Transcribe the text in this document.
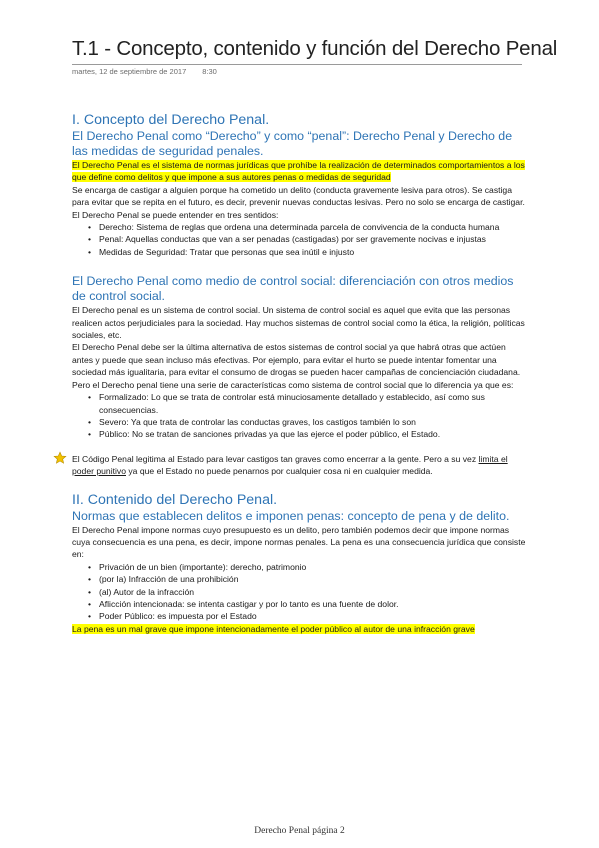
T.1 - Concepto, contenido y función del Derecho Penal
martes, 12 de septiembre de 2017 8:30
I. Concepto del Derecho Penal.
El Derecho Penal como “Derecho” y como “penal”: Derecho Penal y Derecho de las medidas de seguridad penales.

El Derecho Penal es el sistema de normas jurídicas que prohíbe la realización de determinados comportamientos a los que define como delitos y que impone a sus autores penas o medidas de seguridad

Se encarga de castigar a alguien porque ha cometido un delito (conducta gravemente lesiva para otros). Se castiga para evitar que se repita en el futuro, es decir, prevenir nuevas conductas lesivas. Pero no solo se encarga de castigar.

El Derecho Penal se puede entender en tres sentidos:

• Derecho: Sistema de reglas que ordena una determinada parcela de convivencia de la conducta humana
• Penal: Aquellas conductas que van a ser penadas (castigadas) por ser gravemente nocivas e injustas
• Medidas de Seguridad: Tratar que personas que sea inútil e injusto
El Derecho Penal como medio de control social: diferenciación con otros medios de control social.

El Derecho penal es un sistema de control social. Un sistema de control social es aquel que evita que las personas realicen actos perjudiciales para la sociedad. Hay muchos sistemas de control social como la ética, la religión, políticas sociales, etc.

El Derecho Penal debe ser la última alternativa de estos sistemas de control social ya que habrá otras que actúen antes y puede que sean incluso más efectivas. Por ejemplo, para evitar el hurto se puede intentar fomentar una sociedad más igualitaria, para evitar el consumo de drogas se pueden hacer campañas de concienciación ciudadana.

Pero el Derecho penal tiene una serie de características como sistema de control social que lo diferencia ya que es:

• Formalizado: Lo que se trata de controlar está minuciosamente detallado y establecido, así como sus consecuencias.
• Severo: Ya que trata de controlar las conductas graves, los castigos también lo son
• Público: No se tratan de sanciones privadas ya que las ejerce el poder público, el Estado.

El Código Penal legitima al Estado para levar castigos tan graves como encerrar a la gente. Pero a su vez limita el poder punitivo ya que el Estado no puede penarnos por cualquier cosa ni en cualquier medida.

II. Contenido del Derecho Penal.
Normas que establecen delitos e imponen penas: concepto de pena y de delito.

El Derecho Penal impone normas cuyo presupuesto es un delito, pero también podemos decir que impone normas cuya consecuencia es una pena, es decir, impone normas penales. La pena es una consecuencia jurídica que consiste en:

• Privación de un bien (importante): derecho, patrimonio
• (por la) Infracción de una prohibición
• (al) Autor de la infracción
• Aflicción intencionada: se intenta castigar y por lo tanto es una fuente de dolor.
• Poder Público: es impuesta por el Estado

La pena es un mal grave que impone intencionadamente el poder público al autor de una infracción grave

Derecho Penal página 2
